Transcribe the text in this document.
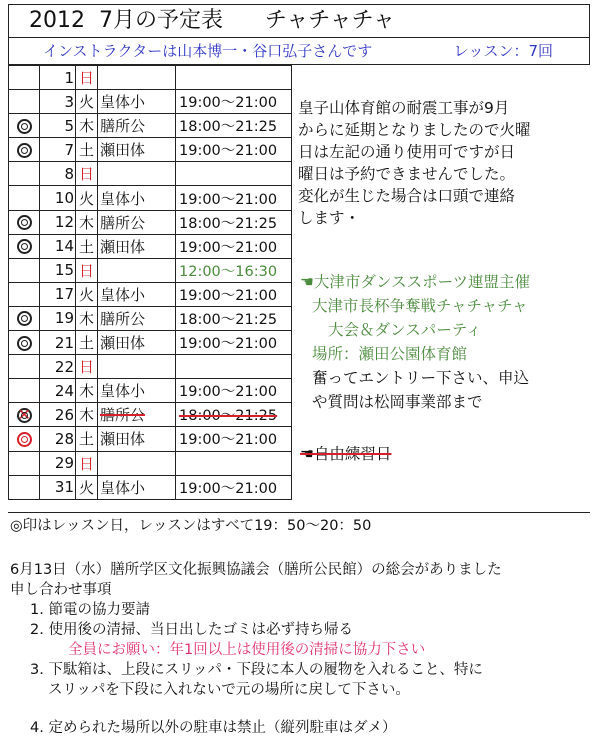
2012  7月の予定表      チャチャチャ
インストラクターは山本博一・谷口弘子さんです	レッスン：7回
	1	日		
	3	火	皇体小	19:00～21:00
	5	木	膳所公	18:00～21:25
	7	土	瀬田体	19:00～21:00
	8	日		
	10	火	皇体小	19:00～21:00
	12	木	膳所公	18:00～21:25
	14	土	瀬田体	19:00～21:00
	15	日		12:00～16:30
	17	火	皇体小	19:00～21:00
	19	木	膳所公	18:00～21:25
	21	土	瀬田体	19:00～21:00
	22	日		
	24	木	皇体小	19:00～21:00
✕	26	木	膳所公	18:00～21:25
	28	土	瀬田体	19:00～21:00
	29	日		
	31	火	皇体小	19:00～21:00
皇子山体育館の耐震工事が9月
からに延期となりましたので火曜
日は左記の通り使用可ですが日
曜日は予約できませんでした。
変化が生じた場合は口頭で連絡
します・
☚大津市ダンススポーツ連盟主催
大津市長杯争奪戦チャチャチャ
大会＆ダンスパーティ
場所：瀬田公園体育館
奮ってエントリー下さい、申込
や質問は松岡事業部まで
☚自由練習日
◎印はレッスン日，レッスンはすべて19：50～20：50
6月13日（水）膳所学区文化振興協議会（膳所公民館）の総会がありました
申し合わせ事項
1. 節電の協力要請
2. 使用後の清掃、当日出したゴミは必ず持ち帰る
全員にお願い：年1回以上は使用後の清掃に協力下さい
3. 下駄箱は、上段にスリッパ・下段に本人の履物を入れること、特に
スリッパを下段に入れないで元の場所に戻して下さい。
4. 定められた場所以外の駐車は禁止（縦列駐車はダメ）
